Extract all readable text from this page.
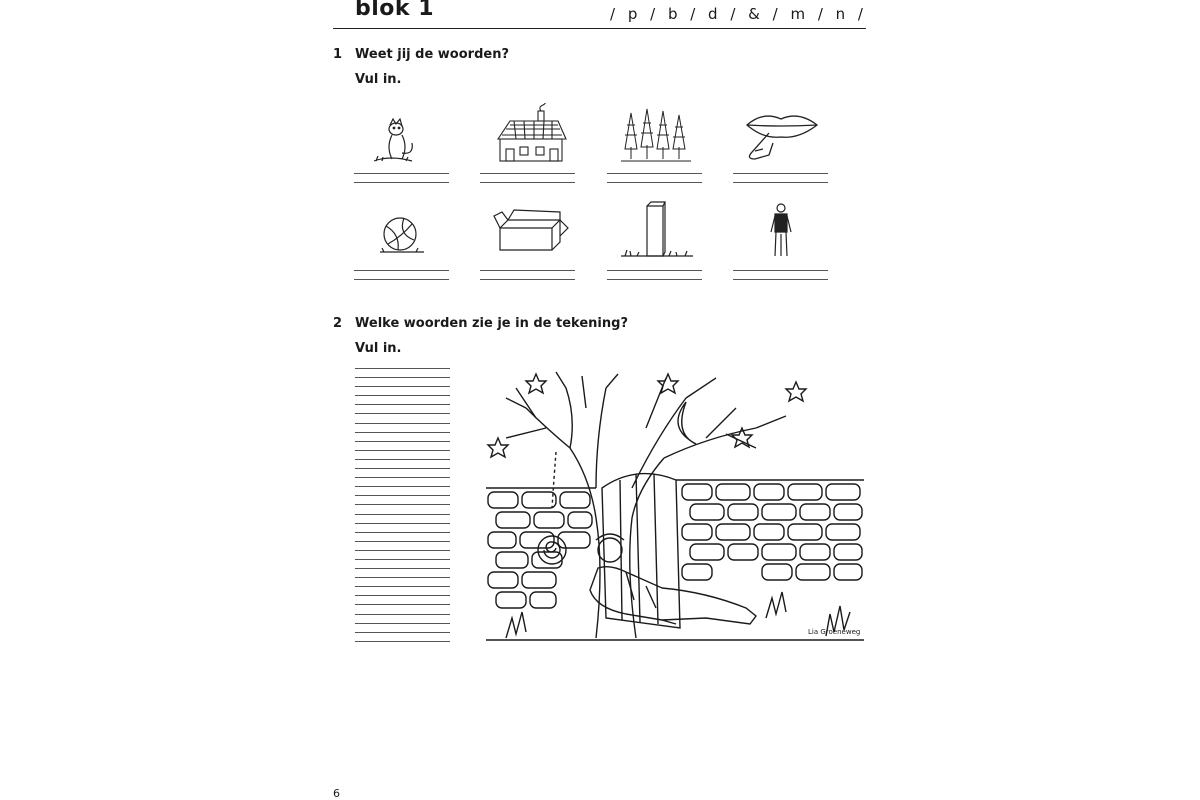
blok 1	/ p / b / d / & / m / n /
1 Weet jij de woorden?
Vul in.
2 Welke woorden zie je in de tekening?
Vul in.
Lia Groeneweg
6
